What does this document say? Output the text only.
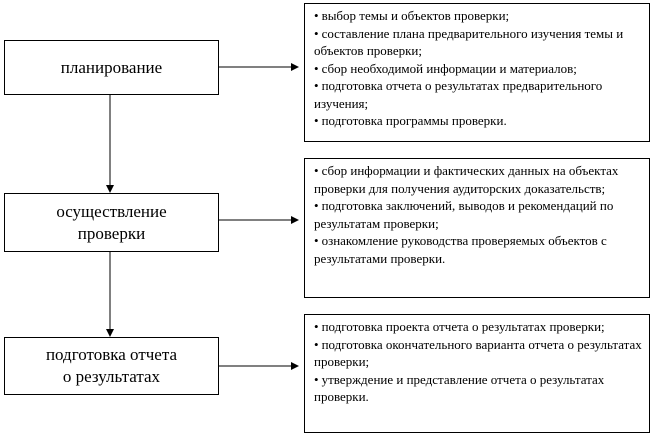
планирование
осуществление
проверки
подготовка отчета
о результатах
• выбор темы и объектов проверки;
• составление плана предварительного изучения темы и объектов проверки;
• сбор необходимой информации и материалов;
• подготовка отчета о результатах предварительного изучения;
• подготовка программы проверки.
• сбор информации и фактических данных на объектах проверки для получения аудиторских доказательств;
• подготовка заключений, выводов и рекомендаций по результатам проверки;
• ознакомление руководства проверяемых объектов с результатами проверки.
• подготовка проекта отчета о результатах проверки;
• подготовка окончательного варианта отчета о результатах проверки;
• утверждение и представление отчета о результатах проверки.
